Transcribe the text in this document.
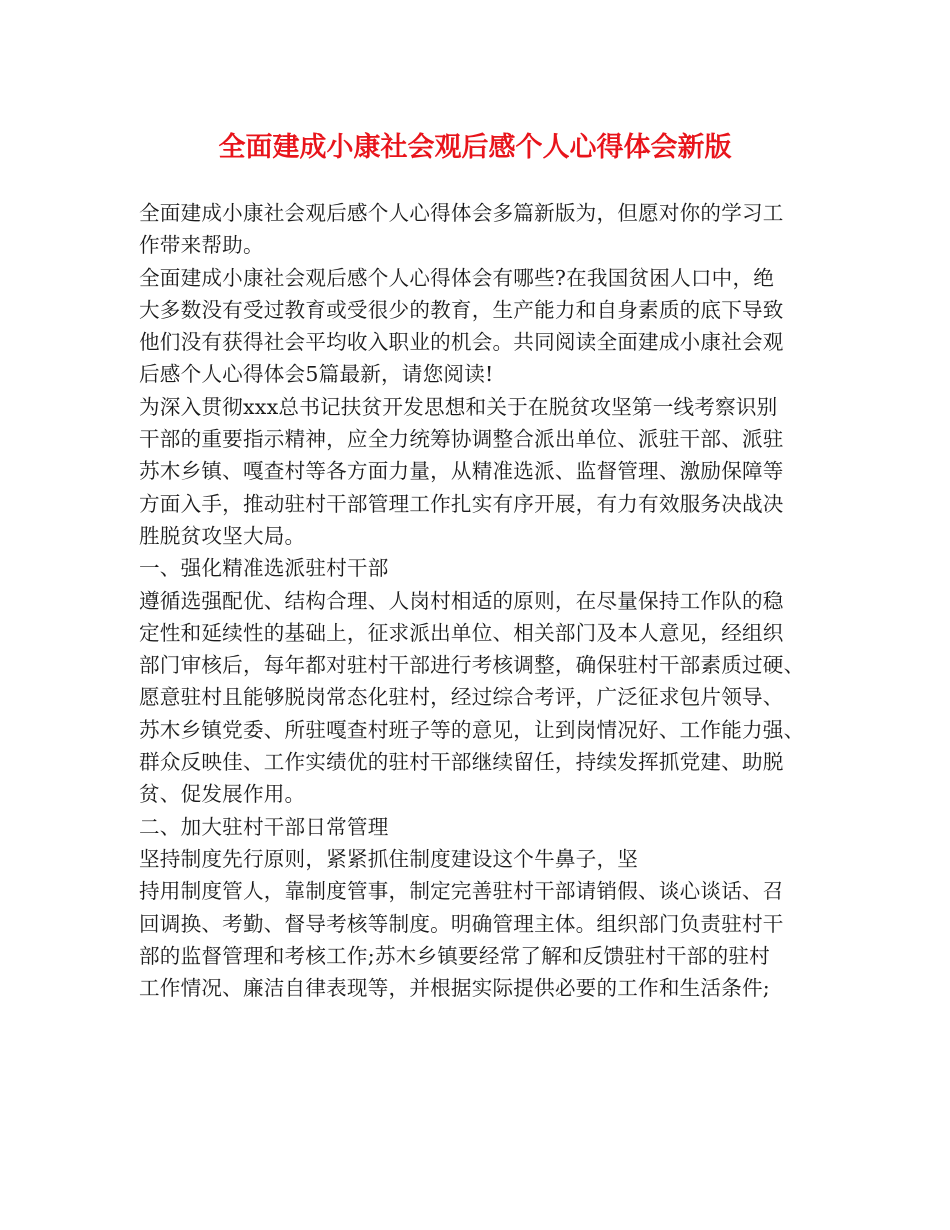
全面建成小康社会观后感个人心得体会新版
全面建成小康社会观后感个人心得体会多篇新版为，但愿对你的学习工
作带来帮助。
全面建成小康社会观后感个人心得体会有哪些?在我国贫困人口中，绝
大多数没有受过教育或受很少的教育，生产能力和自身素质的底下导致
他们没有获得社会平均收入职业的机会。共同阅读全面建成小康社会观
后感个人心得体会5篇最新，请您阅读!
为深入贯彻xxx总书记扶贫开发思想和关于在脱贫攻坚第一线考察识别
干部的重要指示精神，应全力统筹协调整合派出单位、派驻干部、派驻
苏木乡镇、嘎查村等各方面力量，从精准选派、监督管理、激励保障等
方面入手，推动驻村干部管理工作扎实有序开展，有力有效服务决战决
胜脱贫攻坚大局。
一、强化精准选派驻村干部
遵循选强配优、结构合理、人岗村相适的原则，在尽量保持工作队的稳
定性和延续性的基础上，征求派出单位、相关部门及本人意见，经组织
部门审核后，每年都对驻村干部进行考核调整，确保驻村干部素质过硬、
愿意驻村且能够脱岗常态化驻村，经过综合考评，广泛征求包片领导、
苏木乡镇党委、所驻嘎查村班子等的意见，让到岗情况好、工作能力强、
群众反映佳、工作实绩优的驻村干部继续留任，持续发挥抓党建、助脱
贫、促发展作用。
二、加大驻村干部日常管理
坚持制度先行原则，紧紧抓住制度建设这个牛鼻子，坚
持用制度管人，靠制度管事，制定完善驻村干部请销假、谈心谈话、召
回调换、考勤、督导考核等制度。明确管理主体。组织部门负责驻村干
部的监督管理和考核工作;苏木乡镇要经常了解和反馈驻村干部的驻村
工作情况、廉洁自律表现等，并根据实际提供必要的工作和生活条件;
